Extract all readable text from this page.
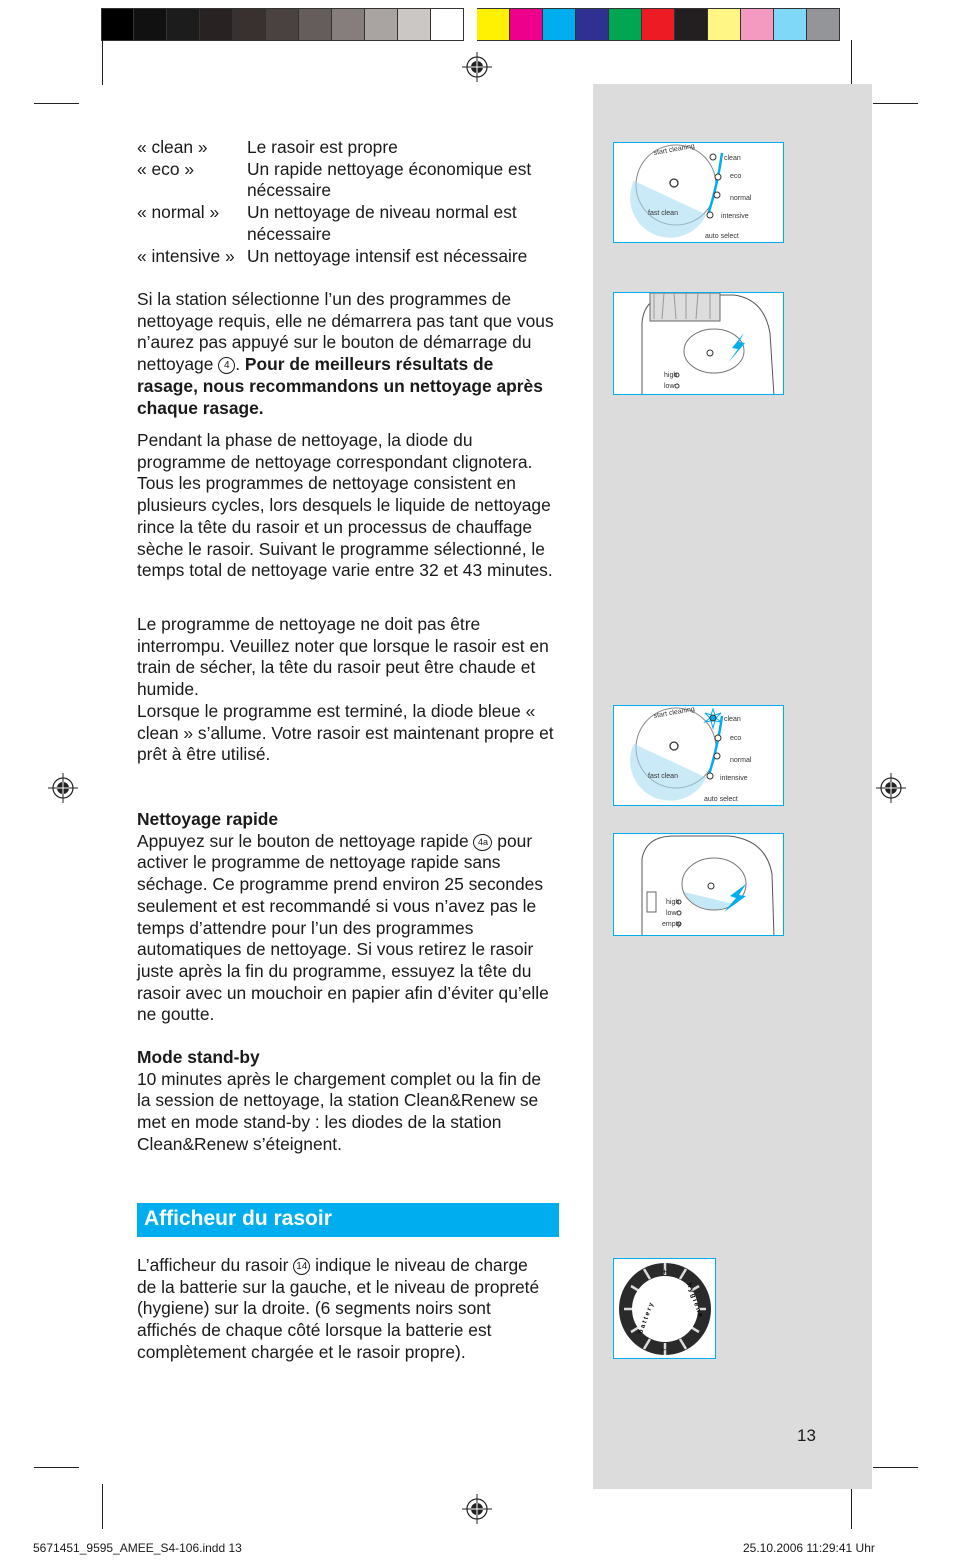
« clean »	Le rasoir est propre
« eco »	Un rapide nettoyage économique est nécessaire
« normal »	Un nettoyage de niveau normal est nécessaire
« intensive » Un nettoyage intensif est nécessaire

Si la station sélectionne l’un des programmes de nettoyage requis, elle ne démarrera pas tant que vous n’aurez pas appuyé sur le bouton de démarrage du nettoyage 4 . Pour de meilleurs résultats de rasage, nous recommandons un nettoyage après chaque rasage.

Pendant la phase de nettoyage, la diode du programme de nettoyage correspondant clignotera. Tous les programmes de nettoyage consistent en plusieurs cycles, lors desquels le liquide de nettoyage rince la tête du rasoir et un processus de chauffage sèche le rasoir. Suivant le programme sélectionné, le temps total de nettoyage varie entre 32 et 43 minutes.

Le programme de nettoyage ne doit pas être interrompu. Veuillez noter que lorsque le rasoir est en train de sécher, la tête du rasoir peut être chaude et humide.

Lorsque le programme est terminé, la diode bleue « clean » s’allume. Votre rasoir est maintenant propre et prêt à être utilisé.

Nettoyage rapide

Appuyez sur le bouton de nettoyage rapide 4a pour activer le programme de nettoyage rapide sans séchage. Ce programme prend environ 25 secondes seulement et est recommandé si vous n’avez pas le temps d’attendre pour l’un des programmes automatiques de nettoyage. Si vous retirez le rasoir juste après la fin du programme, essuyez la tête du rasoir avec un mouchoir en papier afin d’éviter qu’elle ne goutte.

Mode stand-by

10 minutes après le chargement complet ou la fin de la session de nettoyage, la station Clean&Renew se met en mode stand-by : les diodes de la station Clean&Renew s’éteignent.

Afficheur du rasoir

L’afficheur du rasoir 14 indique le niveau de charge de la batterie sur la gauche, et le niveau de propreté (hygiene) sur la droite. (6 segments noirs sont affichés de chaque côté lorsque la batterie est complètement chargée et le rasoir propre).

start cleaning
fast clean
clean
eco
normal
intensive
auto select
high
low
start cleaning
fast clean
clean
eco
normal
intensive
auto select
high
low
empty
+
–
b a t t e r y
h y g i e n e
13
5671451_9595_AMEE_S4-106.indd 13	25.10.2006 11:29:41 Uhr
